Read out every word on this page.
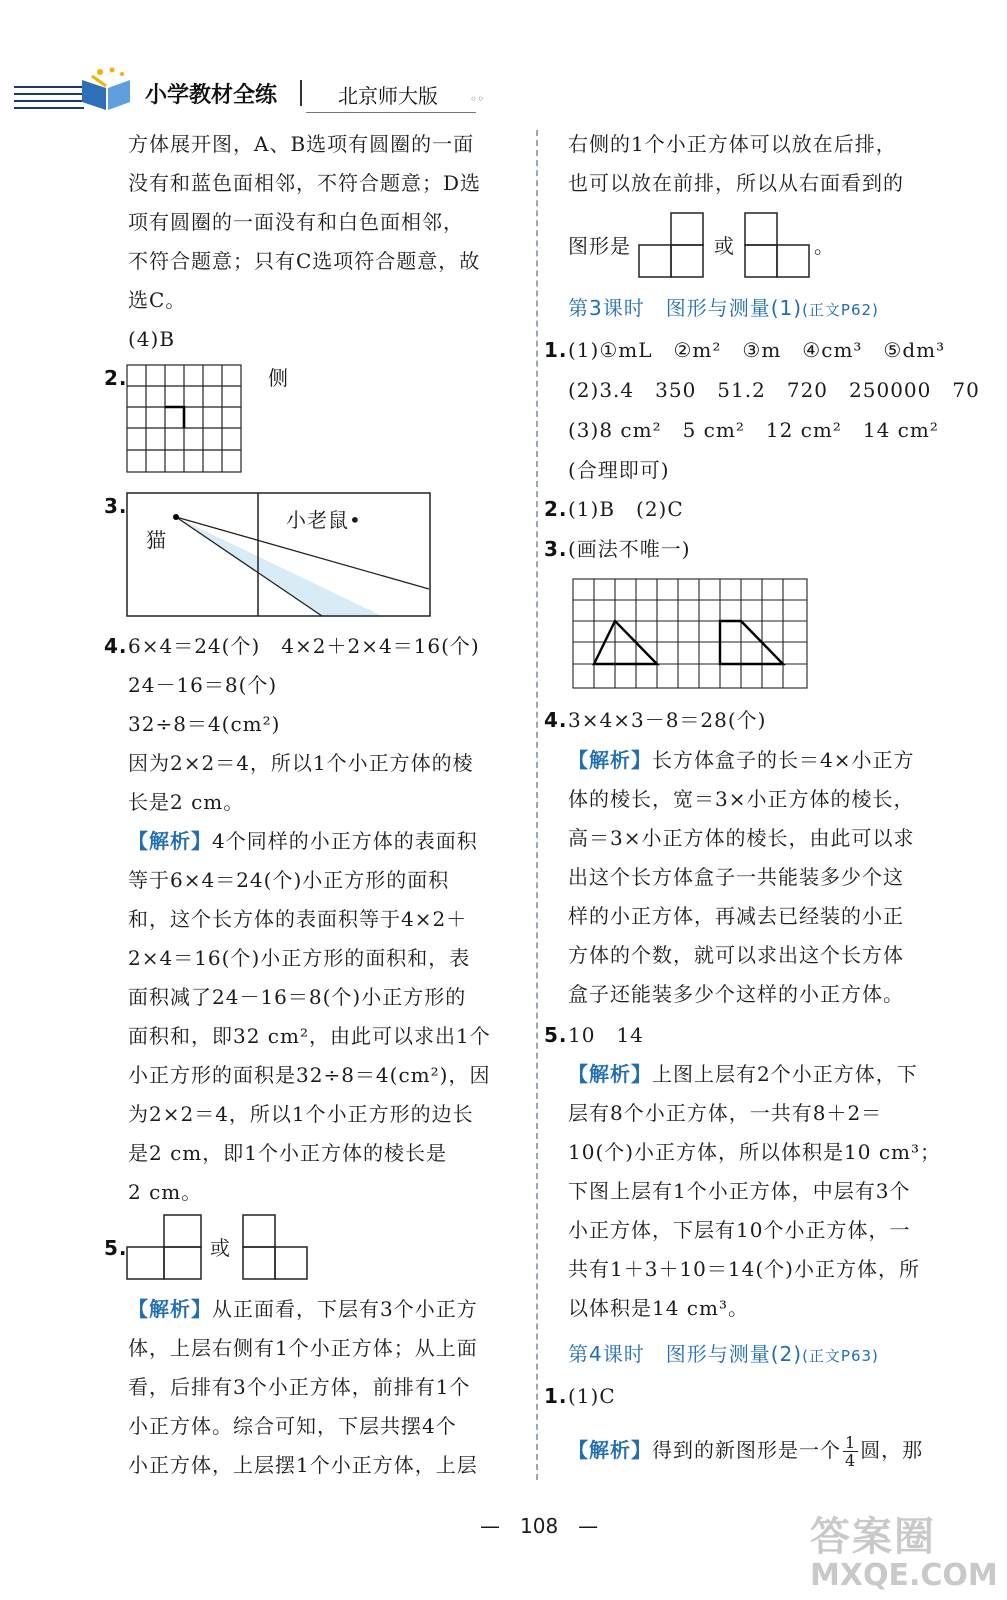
小学教材全练	北京师大版	◦◦
方体展开图，A、B选项有圆圈的一面
没有和蓝色面相邻，不符合题意；D选
项有圆圈的一面没有和白色面相邻，
不符合题意；只有C选项符合题意，故
选C。
(4)B
2.	侧
3.
猫
小老鼠•
4. 6×4＝24(个)　4×2＋2×4＝16(个)
24－16＝8(个)
32÷8＝4(cm²)
因为2×2＝4，所以1个小正方体的棱
长是2 cm。
【解析】4个同样的小正方体的表面积
等于6×4＝24(个)小正方形的面积
和，这个长方体的表面积等于4×2＋
2×4＝16(个)小正方形的面积和，表
面积减了24－16＝8(个)小正方形的
面积和，即32 cm²，由此可以求出1个
小正方形的面积是32÷8＝4(cm²)，因
为2×2＝4，所以1个小正方形的边长
是2 cm，即1个小正方体的棱长是
2 cm。
5.	或
【解析】从正面看，下层有3个小正方
体，上层右侧有1个小正方体；从上面
看，后排有3个小正方体，前排有1个
小正方体。综合可知，下层共摆4个
小正方体，上层摆1个小正方体，上层
右侧的1个小正方体可以放在后排，
也可以放在前排，所以从右面看到的
图形是	或	。
第3课时　图形与测量(1)(正文P62)
1. (1)①mL　②m²　③m　④cm³　⑤dm³
(2)3.4　350　51.2　720　250000　70
(3)8 cm²　5 cm²　12 cm²　14 cm²
(合理即可)
2. (1)B　(2)C
3. (画法不唯一)
4. 3×4×3－8＝28(个)
【解析】长方体盒子的长＝4×小正方
体的棱长，宽＝3×小正方体的棱长，
高＝3×小正方体的棱长，由此可以求
出这个长方体盒子一共能装多少个这
样的小正方体，再减去已经装的小正
方体的个数，就可以求出这个长方体
盒子还能装多少个这样的小正方体。
5. 10　14
【解析】上图上层有2个小正方体，下
层有8个小正方体，一共有8＋2＝
10(个)小正方体，所以体积是10 cm³；
下图上层有1个小正方体，中层有3个
小正方体，下层有10个小正方体，一
共有1＋3＋10＝14(个)小正方体，所
以体积是14 cm³。
第4课时　图形与测量(2)(正文P63)
1. (1)C
【解析】得到的新图形是一个 $\frac{1}{4}$ 圆，那
—　108　—	答案圈
MXQE.COM
